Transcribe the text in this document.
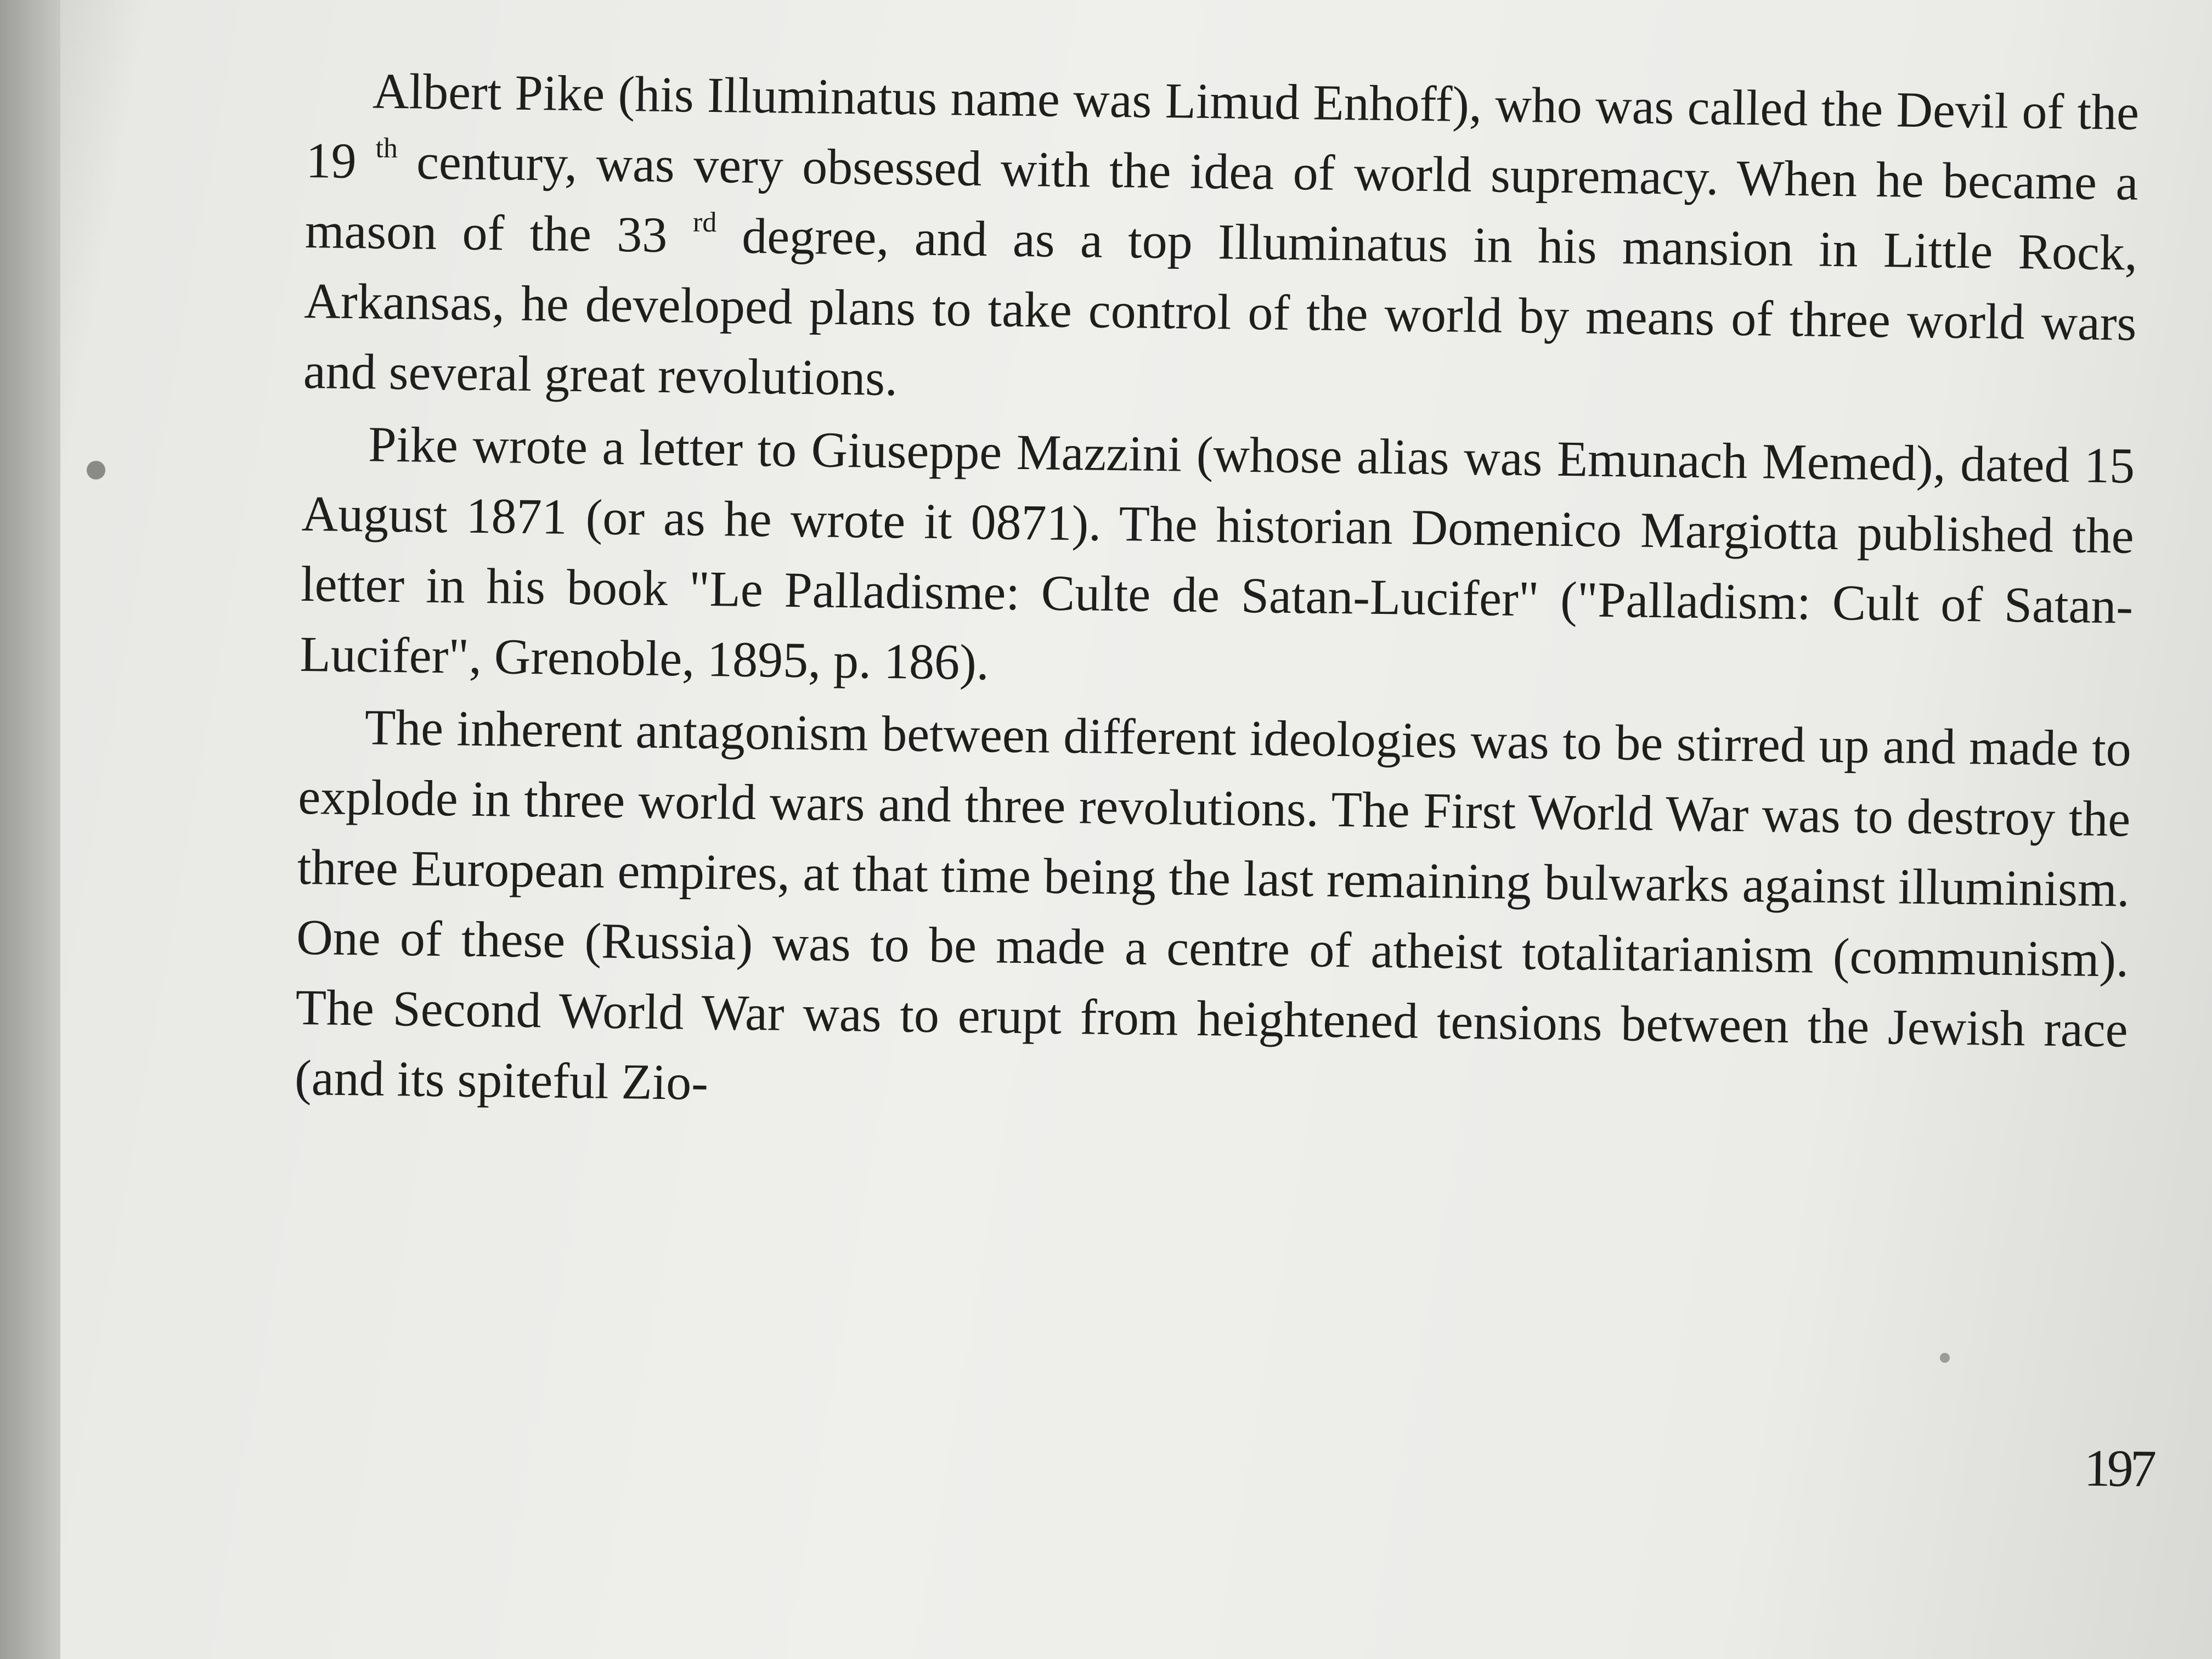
Albert Pike (his Illuminatus name was Limud Enhoff), who was called the Devil of the 19 $^{th}$ century, was very obsessed with the idea of world supremacy. When he became a mason of the 33 $^{rd}$ degree, and as a top Illuminatus in his mansion in Little Rock, Arkansas, he developed plans to take control of the world by means of three world wars and several great revolutions.

Pike wrote a letter to Giuseppe Mazzini (whose alias was Emunach Memed), dated 15 August 1871 (or as he wrote it 0871). The historian Domenico Margiotta published the letter in his book "Le Palladisme: Culte de Satan-Lucifer" ("Palladism: Cult of Satan-Lucifer", Grenoble, 1895, p. 186).

The inherent antagonism between different ideologies was to be stirred up and made to explode in three world wars and three revolutions. The First World War was to destroy the three European empires, at that time being the last remaining bulwarks against illuminism. One of these (Russia) was to be made a centre of atheist totalitarianism (communism). The Second World War was to erupt from heightened tensions between the Jewish race (and its spiteful Zio-

197
